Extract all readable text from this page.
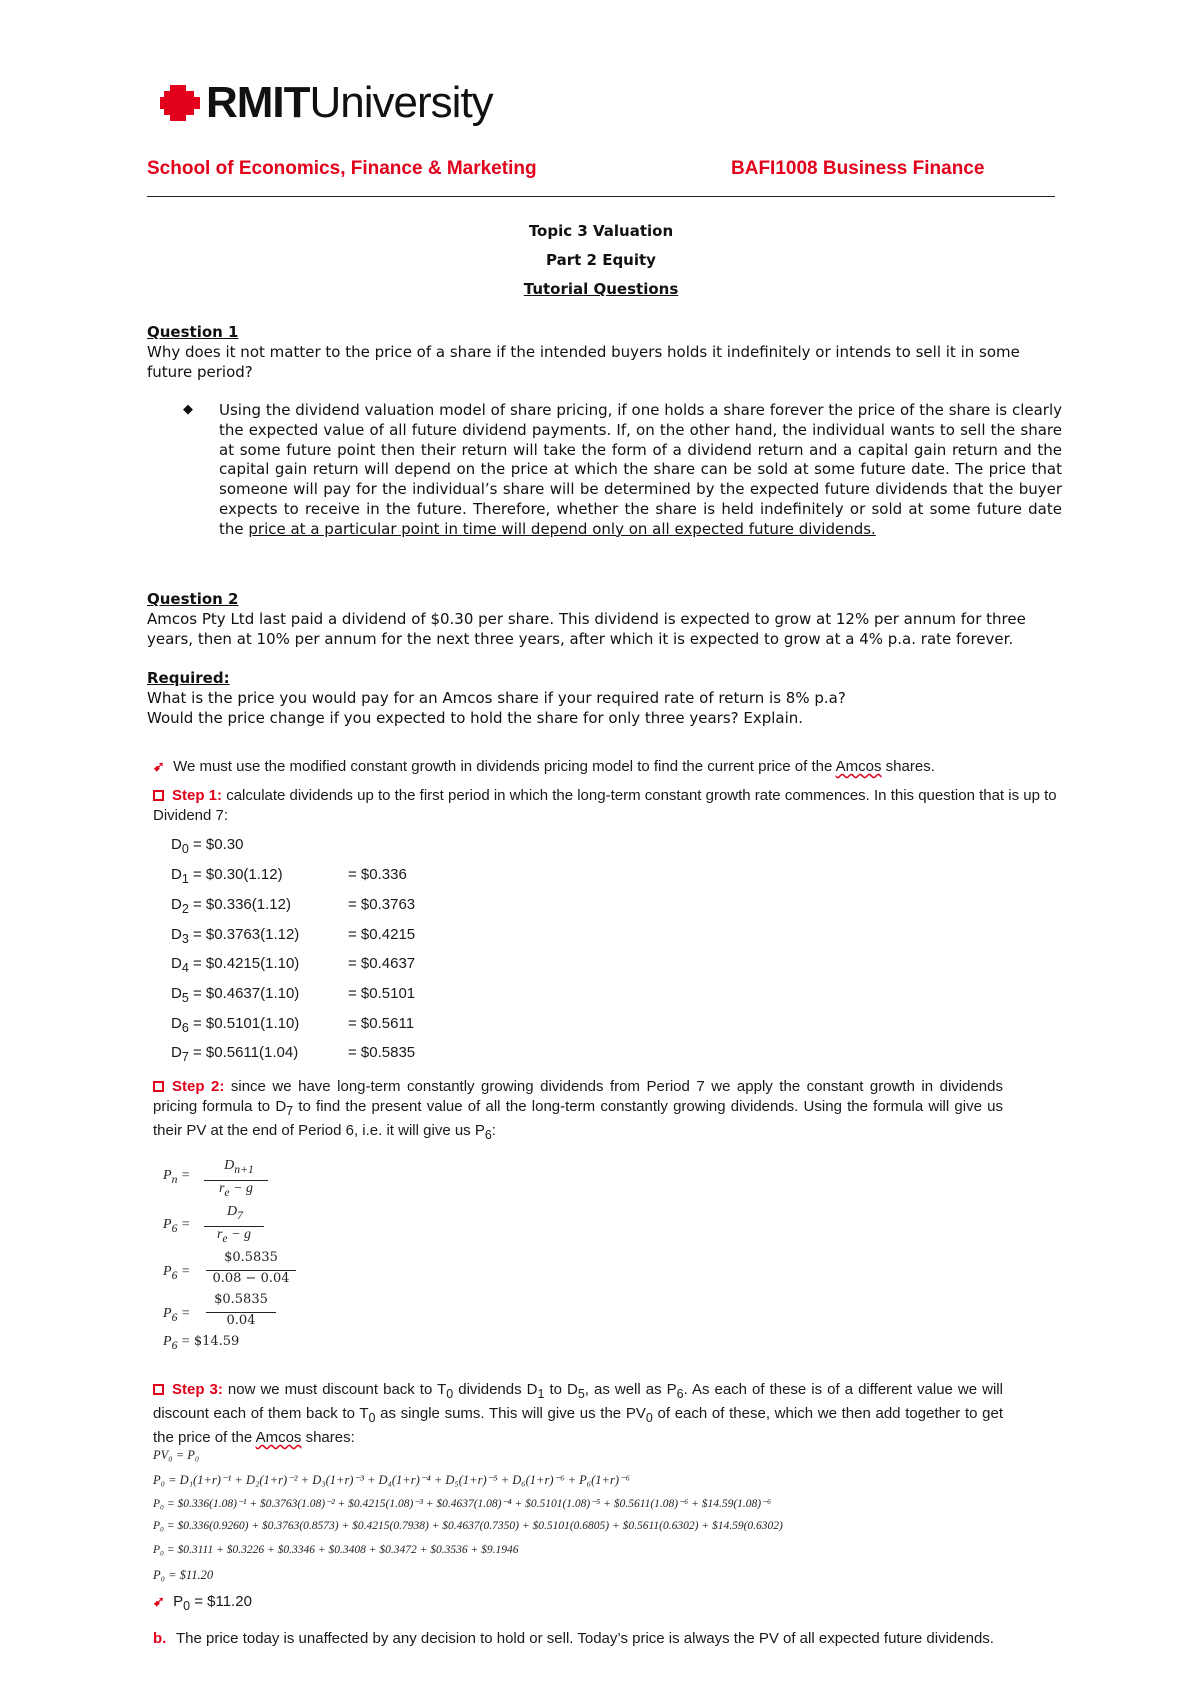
RMITUniversity
School of Economics, Finance & Marketing	BAFI1008 Business Finance
Topic 3 Valuation
Part 2 Equity
Tutorial Questions
Question 1
Why does it not matter to the price of a share if the intended buyers holds it indefinitely or intends to sell it in some future period?
◆ Using the dividend valuation model of share pricing, if one holds a share forever the price of the share is clearly the expected value of all future dividend payments. If, on the other hand, the individual wants to sell the share at some future point then their return will take the form of a dividend return and a capital gain return and the capital gain return will depend on the price at which the share can be sold at some future date. The price that someone will pay for the individual’s share will be determined by the expected future dividends that the buyer expects to receive in the future. Therefore, whether the share is held indefinitely or sold at some future date the price at a particular point in time will depend only on all expected future dividends.
Question 2
Amcos Pty Ltd last paid a dividend of $0.30 per share. This dividend is expected to grow at 12% per annum for three years, then at 10% per annum for the next three years, after which it is expected to grow at a 4% p.a. rate forever.
Required:
What is the price you would pay for an Amcos share if your required rate of return is 8% p.a?
Would the price change if you expected to hold the share for only three years? Explain.
➹ We must use the modified constant growth in dividends pricing model to find the current price of the Amcos shares.
Step 1: calculate dividends up to the first period in which the long-term constant growth rate commences. In this question that is up to Dividend 7:
$D_0$ = $0.30
$D_1$ = $0.30(1.12)	= $0.336
$D_2$ = $0.336(1.12)	= $0.3763
$D_3$ = $0.3763(1.12)	= $0.4215
$D_4$ = $0.4215(1.10)	= $0.4637
$D_5$ = $0.4637(1.10)	= $0.5101
$D_6$ = $0.5101(1.10)	= $0.5611
$D_7$ = $0.5611(1.04)	= $0.5835
Step 2: since we have long-term constantly growing dividends from Period 7 we apply the constant growth in dividends pricing formula to $D_7$ to find the present value of all the long-term constantly growing dividends. Using the formula will give us their PV at the end of Period 6, i.e. it will give us $P_6$:
$P_n$ =
$D_{n+1}$
$r_e - g$
$P_6$ =
$D_7$
$r_e - g$
$P_6$ =
$0.5835
0.08 − 0.04
$P_6$ =
$0.5835
0.04
$P_6$ = $14.59
Step 3: now we must discount back to $T_0$ dividends $D_1$ to $D_5$, as well as $P_6$. As each of these is of a different value we will discount each of them back to $T_0$ as single sums. This will give us the $PV_0$ of each of these, which we then add together to get the price of the Amcos shares:
PV₀ = P₀
P₀ = D₁(1+r)⁻¹ + D₂(1+r)⁻² + D₃(1+r)⁻³ + D₄(1+r)⁻⁴ + D₅(1+r)⁻⁵ + D₆(1+r)⁻⁶ + P₆(1+r)⁻⁶
P₀ = $0.336(1.08)⁻¹ + $0.3763(1.08)⁻² + $0.4215(1.08)⁻³ + $0.4637(1.08)⁻⁴ + $0.5101(1.08)⁻⁵ + $0.5611(1.08)⁻⁶ + $14.59(1.08)⁻⁶
P₀ = $0.336(0.9260) + $0.3763(0.8573) + $0.4215(0.7938) + $0.4637(0.7350) + $0.5101(0.6805) + $0.5611(0.6302) + $14.59(0.6302)
P₀ = $0.3111 + $0.3226 + $0.3346 + $0.3408 + $0.3472 + $0.3536 + $9.1946
P₀ = $11.20
➹ $P_0$ = $11.20
b. The price today is unaffected by any decision to hold or sell. Today’s price is always the PV of all expected future dividends.
